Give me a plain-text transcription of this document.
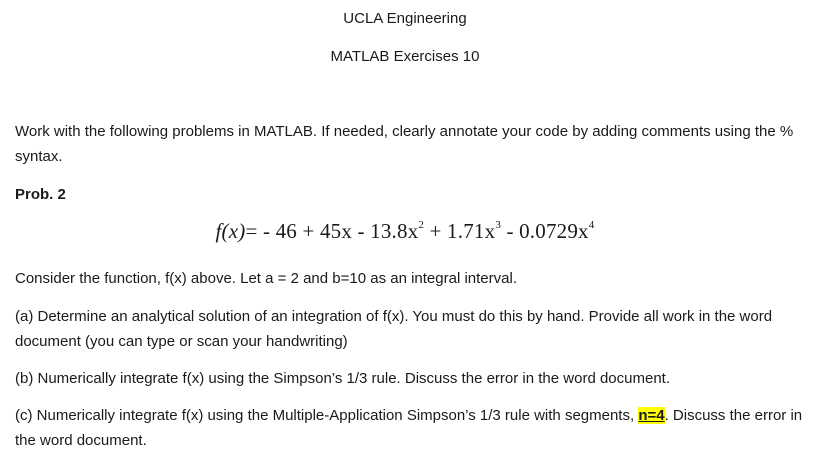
UCLA Engineering
MATLAB Exercises 10
Work with the following problems in MATLAB. If needed, clearly annotate your code by adding comments using the % syntax.
Prob. 2
$f(x)= - 46 + 45x - 13.8x^2 + 1.71x^3 - 0.0729x^4$
Consider the function, f(x) above. Let a = 2 and b=10 as an integral interval.
(a) Determine an analytical solution of an integration of f(x). You must do this by hand. Provide all work in the word document (you can type or scan your handwriting)
(b) Numerically integrate f(x) using the Simpson’s 1/3 rule. Discuss the error in the word document.
(c) Numerically integrate f(x) using the Multiple-Application Simpson’s 1/3 rule with segments, n=4. Discuss the error in the word document.
